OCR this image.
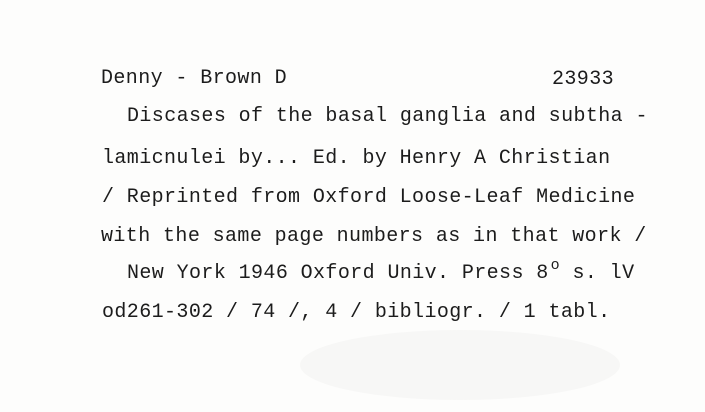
Denny - Brown D	23933
Discases of the basal ganglia and subtha -
lamicnulei by... Ed. by Henry A Christian
/ Reprinted from Oxford Loose-Leaf Medicine
with the same page numbers as in that work /
New York 1946 Oxford Univ. Press 8 $^o$ s. lV
od261-302 / 74 /, 4 / bibliogr. / 1 tabl.
